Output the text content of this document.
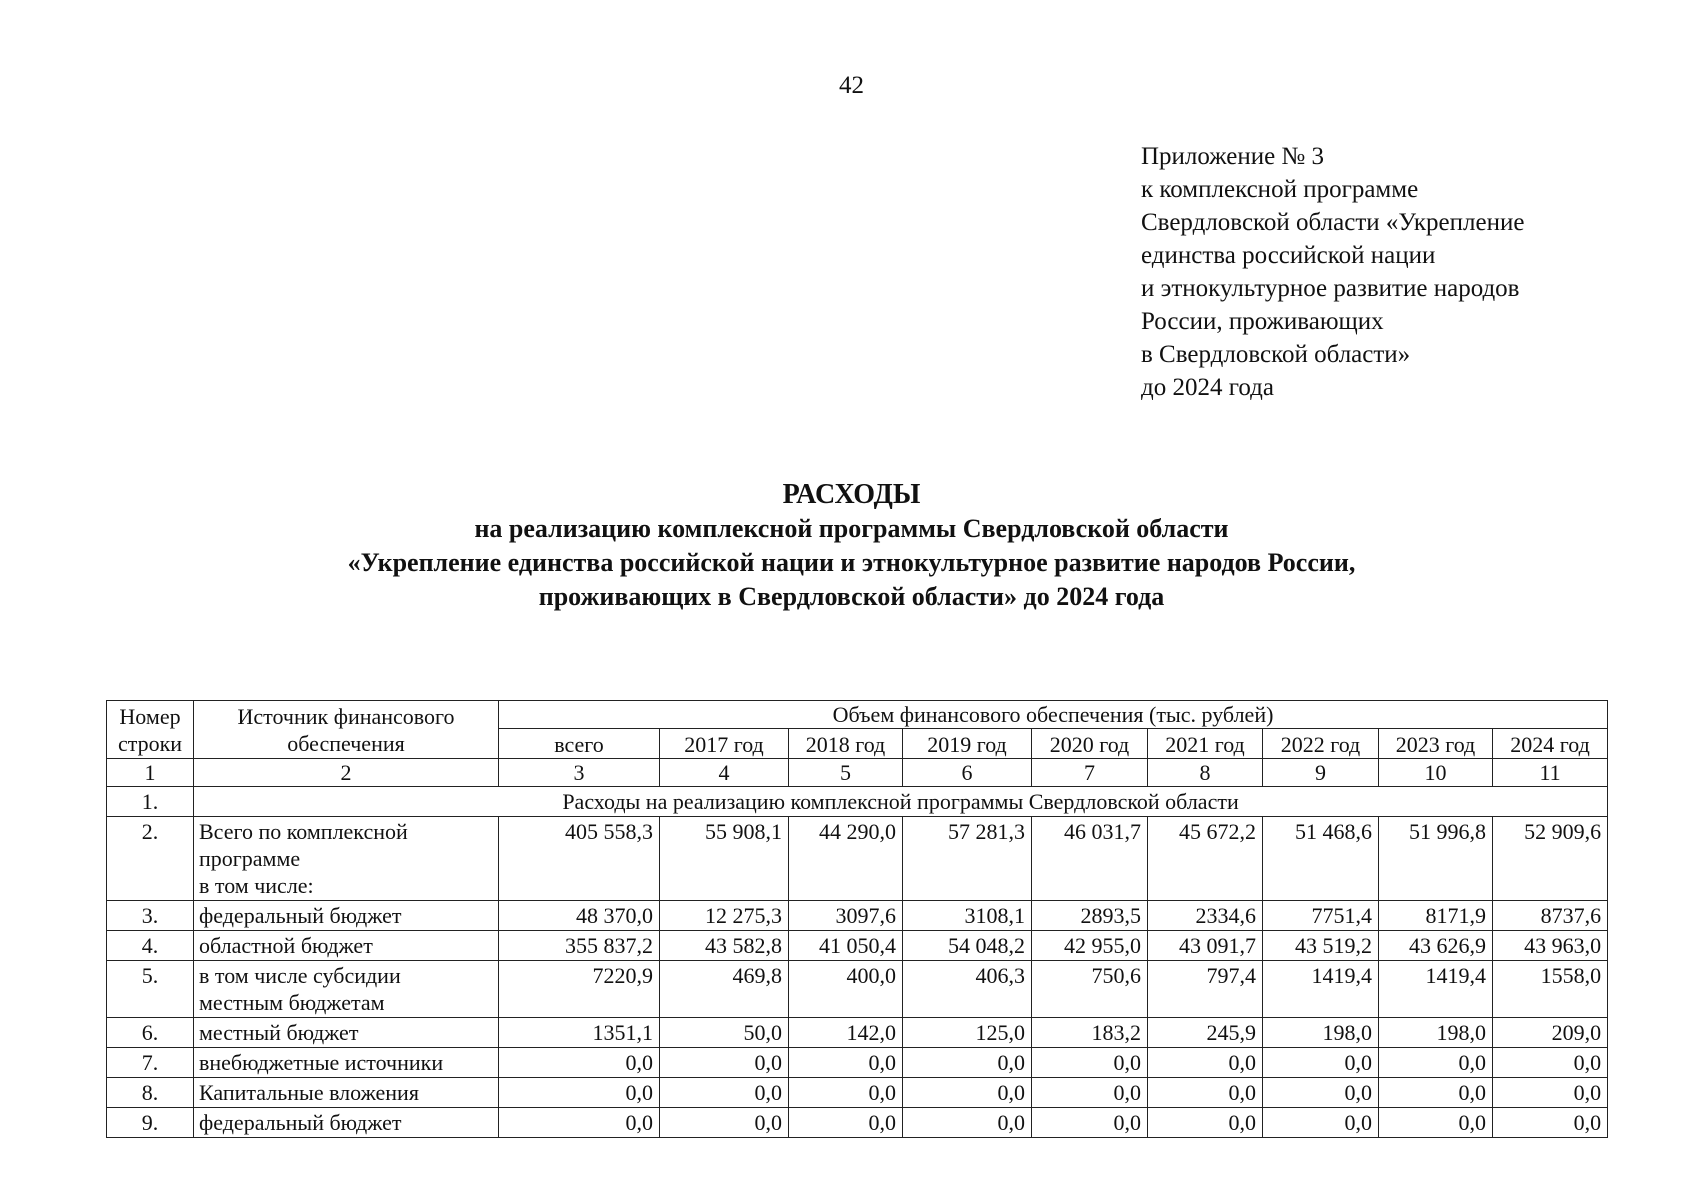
42
Приложение № 3
к комплексной программе
Свердловской области «Укрепление
единства российской нации
и этнокультурное развитие народов
России, проживающих
в Свердловской области»
до 2024 года
РАСХОДЫ
на реализацию комплексной программы Свердловской области
«Укрепление единства российской нации и этнокультурное развитие народов России,
проживающих в Свердловской области» до 2024 года
Номер строки	Источник финансового обеспечения	Объем финансового обеспечения (тыс. рублей)								
		всего	2017 год	2018 год	2019 год	2020 год	2021 год	2022 год	2023 год	2024 год
1	2	3	4	5	6	7	8	9	10	11
1.	Расходы на реализацию комплексной программы Свердловской области									
2.	Всего по комплексной
программе
в том числе:	405 558,3	55 908,1	44 290,0	57 281,3	46 031,7	45 672,2	51 468,6	51 996,8	52 909,6
3.	федеральный бюджет	48 370,0	12 275,3	3097,6	3108,1	2893,5	2334,6	7751,4	8171,9	8737,6
4.	областной бюджет	355 837,2	43 582,8	41 050,4	54 048,2	42 955,0	43 091,7	43 519,2	43 626,9	43 963,0
5.	в том числе субсидии
местным бюджетам	7220,9	469,8	400,0	406,3	750,6	797,4	1419,4	1419,4	1558,0
6.	местный бюджет	1351,1	50,0	142,0	125,0	183,2	245,9	198,0	198,0	209,0
7.	внебюджетные источники	0,0	0,0	0,0	0,0	0,0	0,0	0,0	0,0	0,0
8.	Капитальные вложения	0,0	0,0	0,0	0,0	0,0	0,0	0,0	0,0	0,0
9.	федеральный бюджет	0,0	0,0	0,0	0,0	0,0	0,0	0,0	0,0	0,0
